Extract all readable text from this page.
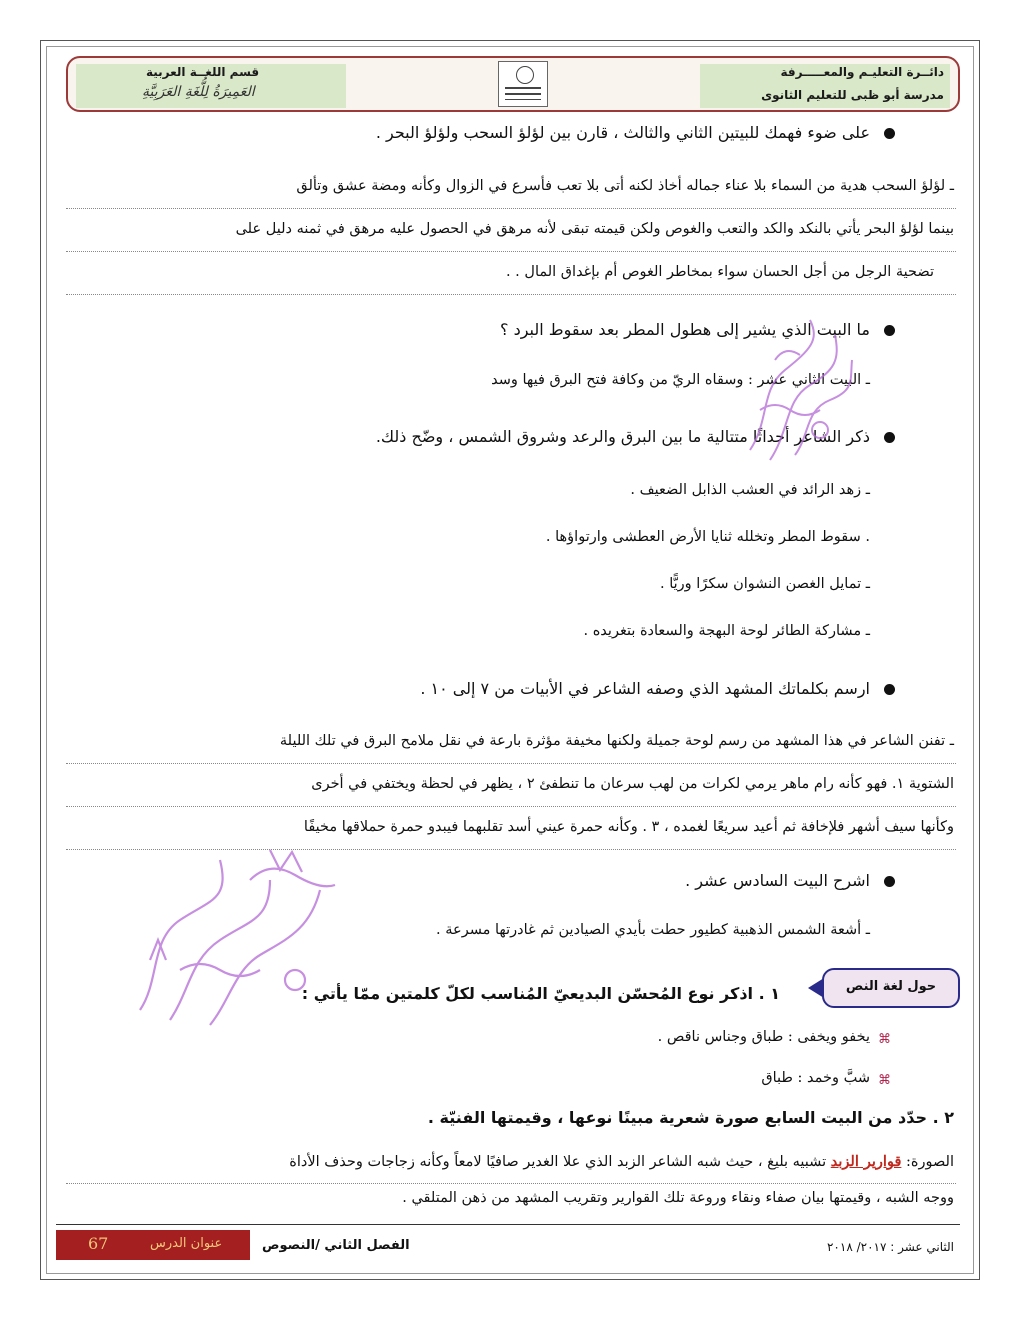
دائــرة التعليـم والمعـــــرفة
مدرسة أبو ظبى للتعليم الثانوى
قسم اللغــة العربية
العَمِيرَةُ لِلُّغَةِ العَرَبِيَّةِ
على ضوء فهمك للبيتين الثاني والثالث ، قارن بين لؤلؤ السحب ولؤلؤ البحر .
ـ لؤلؤ السحب هدية من السماء بلا عناء جماله أخاذ لكنه أتى بلا تعب فأسرع في الزوال وكأنه ومضة عشق وتألق
بينما لؤلؤ البحر يأتي بالنكد والكد والتعب والغوص ولكن قيمته تبقى لأنه مرهق في الحصول عليه مرهق في ثمنه دليل على
تضحية الرجل من أجل الحسان سواء بمخاطر الغوص أم بإغداق المال . .
ما البيت الذي يشير إلى هطول المطر بعد سقوط البرد ؟
ـ البيت الثاني عشر : وسقاه الريّ من وكافة فتح البرق فيها وسد
ذكر الشاعر أحداثًا متتالية ما بين البرق والرعد وشروق الشمس ، وضّح ذلك.
ـ زهد الرائد في العشب الذابل الضعيف .
. سقوط المطر وتخلله ثنايا الأرض العطشى وارتواؤها .
ـ تمايل الغصن النشوان سكرًا وريًّا .
ـ مشاركة الطائر لوحة البهجة والسعادة بتغريده .
ارسم بكلماتك المشهد الذي وصفه الشاعر في الأبيات من ٧ إلى ١٠ .
ـ تفنن الشاعر في هذا المشهد من رسم لوحة جميلة ولكنها مخيفة مؤثرة بارعة في نقل ملامح البرق في تلك الليلة
الشتوية ١. فهو كأنه رام ماهر يرمي لكرات من لهب سرعان ما تنطفئ ٢ ، يظهر في لحظة ويختفي في أخرى
وكأنها سيف أشهر فلإخافة ثم أعيد سريعًا لغمده ، ٣ . وكأنه حمرة عيني أسد تقلبهما فيبدو حمرة حملاقها مخيفًا
اشرح البيت السادس عشر .
ـ أشعة الشمس الذهبية كطيور حطت بأيدي الصيادين ثم غادرتها مسرعة .
حول لغة النص
١ . اذكر نوع المُحسّن البديعيّ المُناسب لكلّ كلمتين ممّا يأتي :
⌘
يخفو ويخفى : طباق وجناس ناقص .
⌘
شبَّ وخمد : طباق
٢ . حدّد من البيت السابع صورة شعرية مبينًا نوعها ، وقيمتها الفنيّة .
الصورة: قوارير الزبد تشبيه بليغ ، حيث شبه الشاعر الزبد الذي علا الغدير صافيًا لامعاً وكأنه زجاجات وحذف الأداة
ووجه الشبه ، وقيمتها بيان صفاء ونقاء وروعة تلك القوارير وتقريب المشهد من ذهن المتلقي .
67	عنوان الدرس	الفصل الثاني /النصوص	الثاني عشر : ٢٠١٧/ ٢٠١٨
